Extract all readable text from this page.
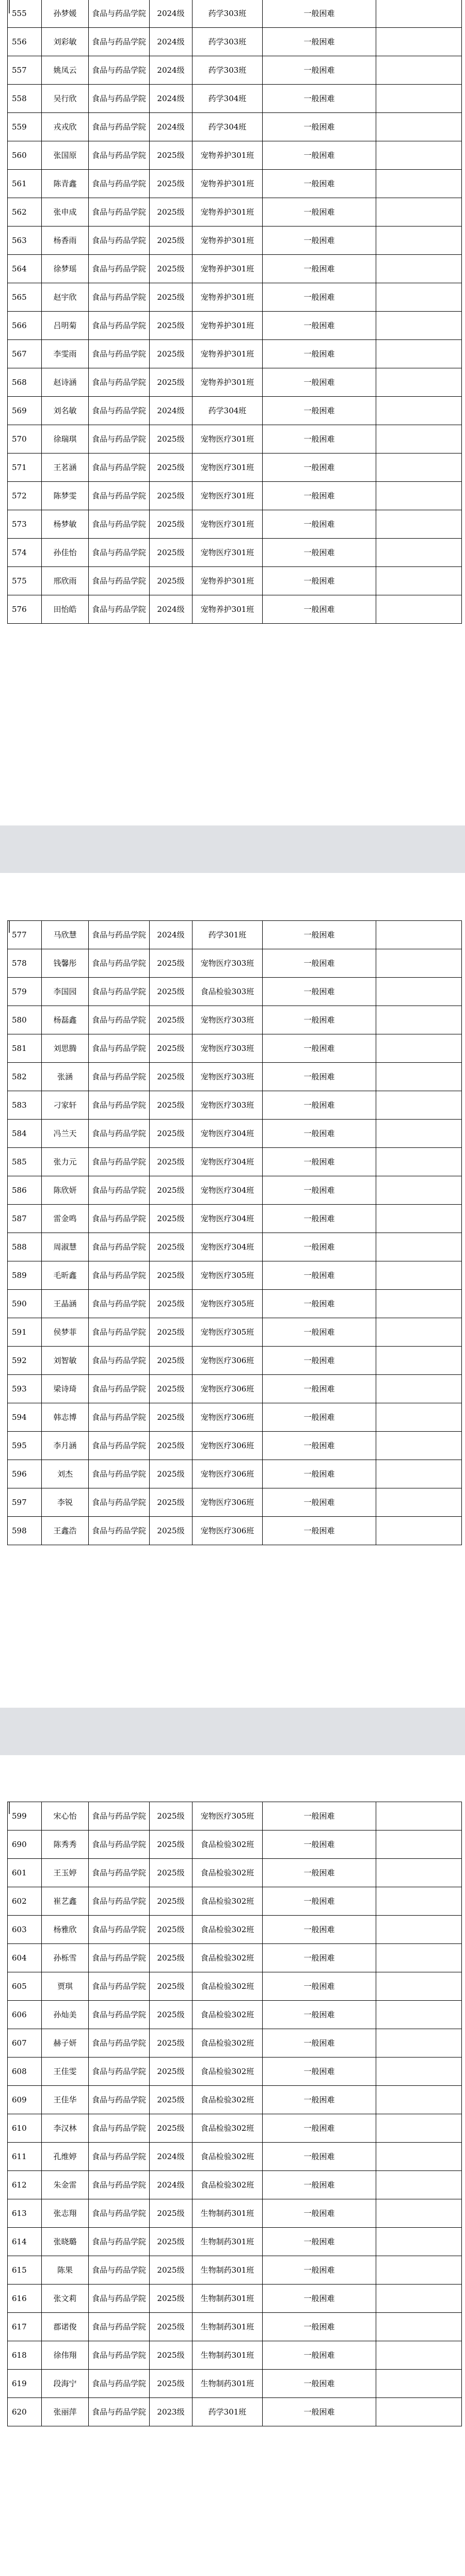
555	孙梦媛	食品与药品学院	2024级	药学303班	一般困难	
556	刘彩敏	食品与药品学院	2024级	药学303班	一般困难	
557	姚凤云	食品与药品学院	2024级	药学303班	一般困难	
558	吴行欣	食品与药品学院	2024级	药学304班	一般困难	
559	戎戎欣	食品与药品学院	2024级	药学304班	一般困难	
560	张国原	食品与药品学院	2025级	宠物养护301班	一般困难	
561	陈青鑫	食品与药品学院	2025级	宠物养护301班	一般困难	
562	张申成	食品与药品学院	2025级	宠物养护301班	一般困难	
563	杨香雨	食品与药品学院	2025级	宠物养护301班	一般困难	
564	徐梦瑶	食品与药品学院	2025级	宠物养护301班	一般困难	
565	赵宇欣	食品与药品学院	2025级	宠物养护301班	一般困难	
566	吕明菊	食品与药品学院	2025级	宠物养护301班	一般困难	
567	李雯雨	食品与药品学院	2025级	宠物养护301班	一般困难	
568	赵诗涵	食品与药品学院	2025级	宠物养护301班	一般困难	
569	刘名敏	食品与药品学院	2024级	药学304班	一般困难	
570	徐瑞琪	食品与药品学院	2025级	宠物医疗301班	一般困难	
571	王茗涵	食品与药品学院	2025级	宠物医疗301班	一般困难	
572	陈梦雯	食品与药品学院	2025级	宠物医疗301班	一般困难	
573	杨梦敏	食品与药品学院	2025级	宠物医疗301班	一般困难	
574	孙佳怡	食品与药品学院	2025级	宠物医疗301班	一般困难	
575	邢欣雨	食品与药品学院	2025级	宠物养护301班	一般困难	
576	田怡皓	食品与药品学院	2024级	宠物养护301班	一般困难	
577	马欣慧	食品与药品学院	2024级	药学301班	一般困难	
578	钱馨彤	食品与药品学院	2025级	宠物医疗303班	一般困难	
579	李国园	食品与药品学院	2025级	食品检验303班	一般困难	
580	杨磊鑫	食品与药品学院	2025级	宠物医疗303班	一般困难	
581	刘思腾	食品与药品学院	2025级	宠物医疗303班	一般困难	
582	张涵	食品与药品学院	2025级	宠物医疗303班	一般困难	
583	刁家轩	食品与药品学院	2025级	宠物医疗303班	一般困难	
584	冯兰天	食品与药品学院	2025级	宠物医疗304班	一般困难	
585	张力元	食品与药品学院	2025级	宠物医疗304班	一般困难	
586	陈欣妍	食品与药品学院	2025级	宠物医疗304班	一般困难	
587	雷金鸣	食品与药品学院	2025级	宠物医疗304班	一般困难	
588	周淑慧	食品与药品学院	2025级	宠物医疗304班	一般困难	
589	毛昕鑫	食品与药品学院	2025级	宠物医疗305班	一般困难	
590	王晶涵	食品与药品学院	2025级	宠物医疗305班	一般困难	
591	侯梦菲	食品与药品学院	2025级	宠物医疗305班	一般困难	
592	刘智敏	食品与药品学院	2025级	宠物医疗306班	一般困难	
593	梁诗琦	食品与药品学院	2025级	宠物医疗306班	一般困难	
594	韩志博	食品与药品学院	2025级	宠物医疗306班	一般困难	
595	李月涵	食品与药品学院	2025级	宠物医疗306班	一般困难	
596	刘杰	食品与药品学院	2025级	宠物医疗306班	一般困难	
597	李锐	食品与药品学院	2025级	宠物医疗306班	一般困难	
598	王鑫浩	食品与药品学院	2025级	宠物医疗306班	一般困难	
599	宋心怡	食品与药品学院	2025级	宠物医疗305班	一般困难	
690	陈秀秀	食品与药品学院	2025级	食品检验302班	一般困难	
601	王玉婷	食品与药品学院	2025级	食品检验302班	一般困难	
602	崔艺鑫	食品与药品学院	2025级	食品检验302班	一般困难	
603	杨雅欣	食品与药品学院	2025级	食品检验302班	一般困难	
604	孙栎雪	食品与药品学院	2025级	食品检验302班	一般困难	
605	贾琪	食品与药品学院	2025级	食品检验302班	一般困难	
606	孙灿美	食品与药品学院	2025级	食品检验302班	一般困难	
607	赫子妍	食品与药品学院	2025级	食品检验302班	一般困难	
608	王佳雯	食品与药品学院	2025级	食品检验302班	一般困难	
609	王佳华	食品与药品学院	2025级	食品检验302班	一般困难	
610	李汉林	食品与药品学院	2025级	食品检验302班	一般困难	
611	孔维婷	食品与药品学院	2024级	食品检验302班	一般困难	
612	朱金雷	食品与药品学院	2024级	食品检验302班	一般困难	
613	张志翔	食品与药品学院	2025级	生物制药301班	一般困难	
614	张晓璐	食品与药品学院	2025级	生物制药301班	一般困难	
615	陈果	食品与药品学院	2025级	生物制药301班	一般困难	
616	张文莉	食品与药品学院	2025级	生物制药301班	一般困难	
617	郡诺俊	食品与药品学院	2025级	生物制药301班	一般困难	
618	徐伟翔	食品与药品学院	2025级	生物制药301班	一般困难	
619	段海宁	食品与药品学院	2025级	生物制药301班	一般困难	
620	张丽萍	食品与药品学院	2023级	药学301班	一般困难	
